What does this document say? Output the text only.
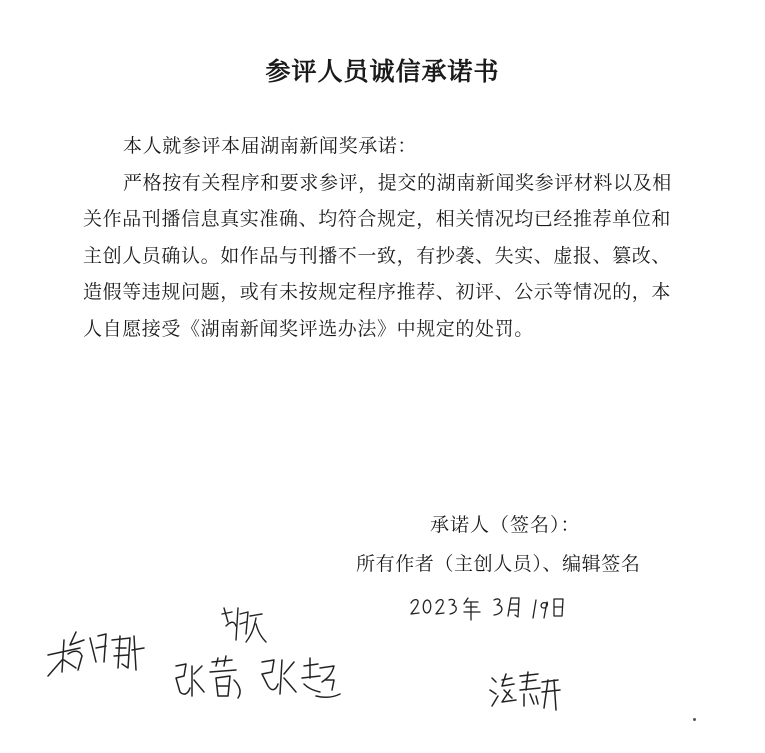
参评人员诚信承诺书

本人就参评本届湖南新闻奖承诺：

严格按有关程序和要求参评，提交的湖南新闻奖参评材料以及相关作品刊播信息真实准确、均符合规定，相关情况均已经推荐单位和主创人员确认。如作品与刊播不一致，有抄袭、失实、虚报、篡改、造假等违规问题，或有未按规定程序推荐、初评、公示等情况的，本人自愿接受《湖南新闻奖评选办法》中规定的处罚。

承诺人（签名）：
所有作者（主创人员）、编辑签名
